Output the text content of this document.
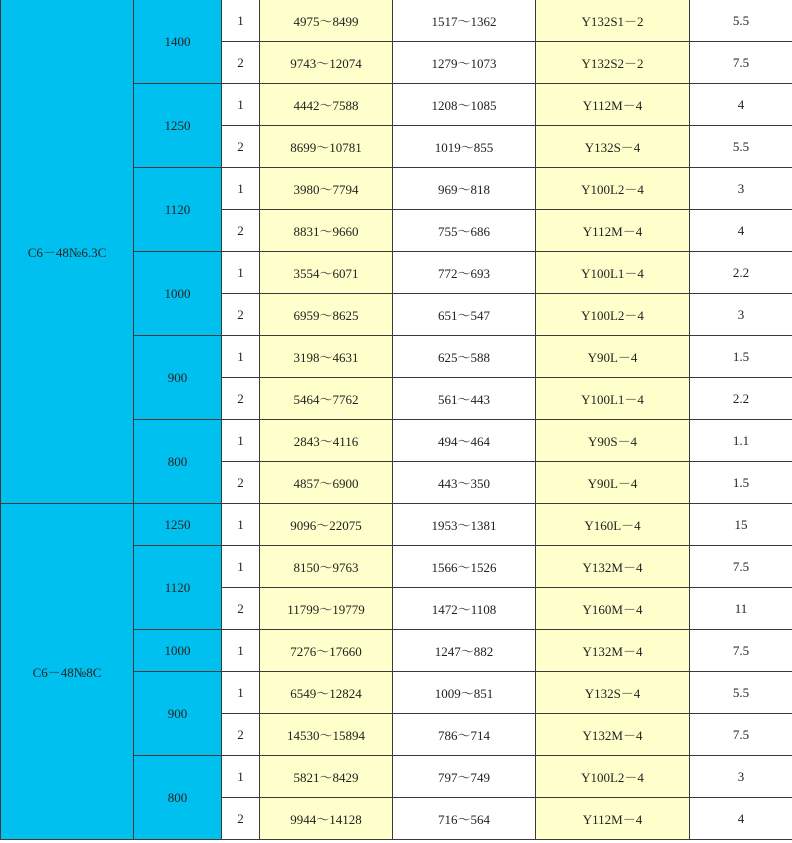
C6－48№6.3C	1400	1	4975～8499	1517～1362	Y132S1－2	5.5
		2	9743～12074	1279～1073	Y132S2－2	7.5
	1250	1	4442～7588	1208～1085	Y112M－4	4
		2	8699～10781	1019～855	Y132S－4	5.5
	1120	1	3980～7794	969～818	Y100L2－4	3
		2	8831～9660	755～686	Y112M－4	4
	1000	1	3554～6071	772～693	Y100L1－4	2.2
		2	6959～8625	651～547	Y100L2－4	3
	900	1	3198～4631	625～588	Y90L－4	1.5
		2	5464～7762	561～443	Y100L1－4	2.2
	800	1	2843～4116	494～464	Y90S－4	1.1
		2	4857～6900	443～350	Y90L－4	1.5
C6－48№8C	1250	1	9096～22075	1953～1381	Y160L－4	15
	1120	1	8150～9763	1566～1526	Y132M－4	7.5
		2	11799～19779	1472～1108	Y160M－4	11
	1000	1	7276～17660	1247～882	Y132M－4	7.5
	900	1	6549～12824	1009～851	Y132S－4	5.5
		2	14530～15894	786～714	Y132M－4	7.5
	800	1	5821～8429	797～749	Y100L2－4	3
		2	9944～14128	716～564	Y112M－4	4
